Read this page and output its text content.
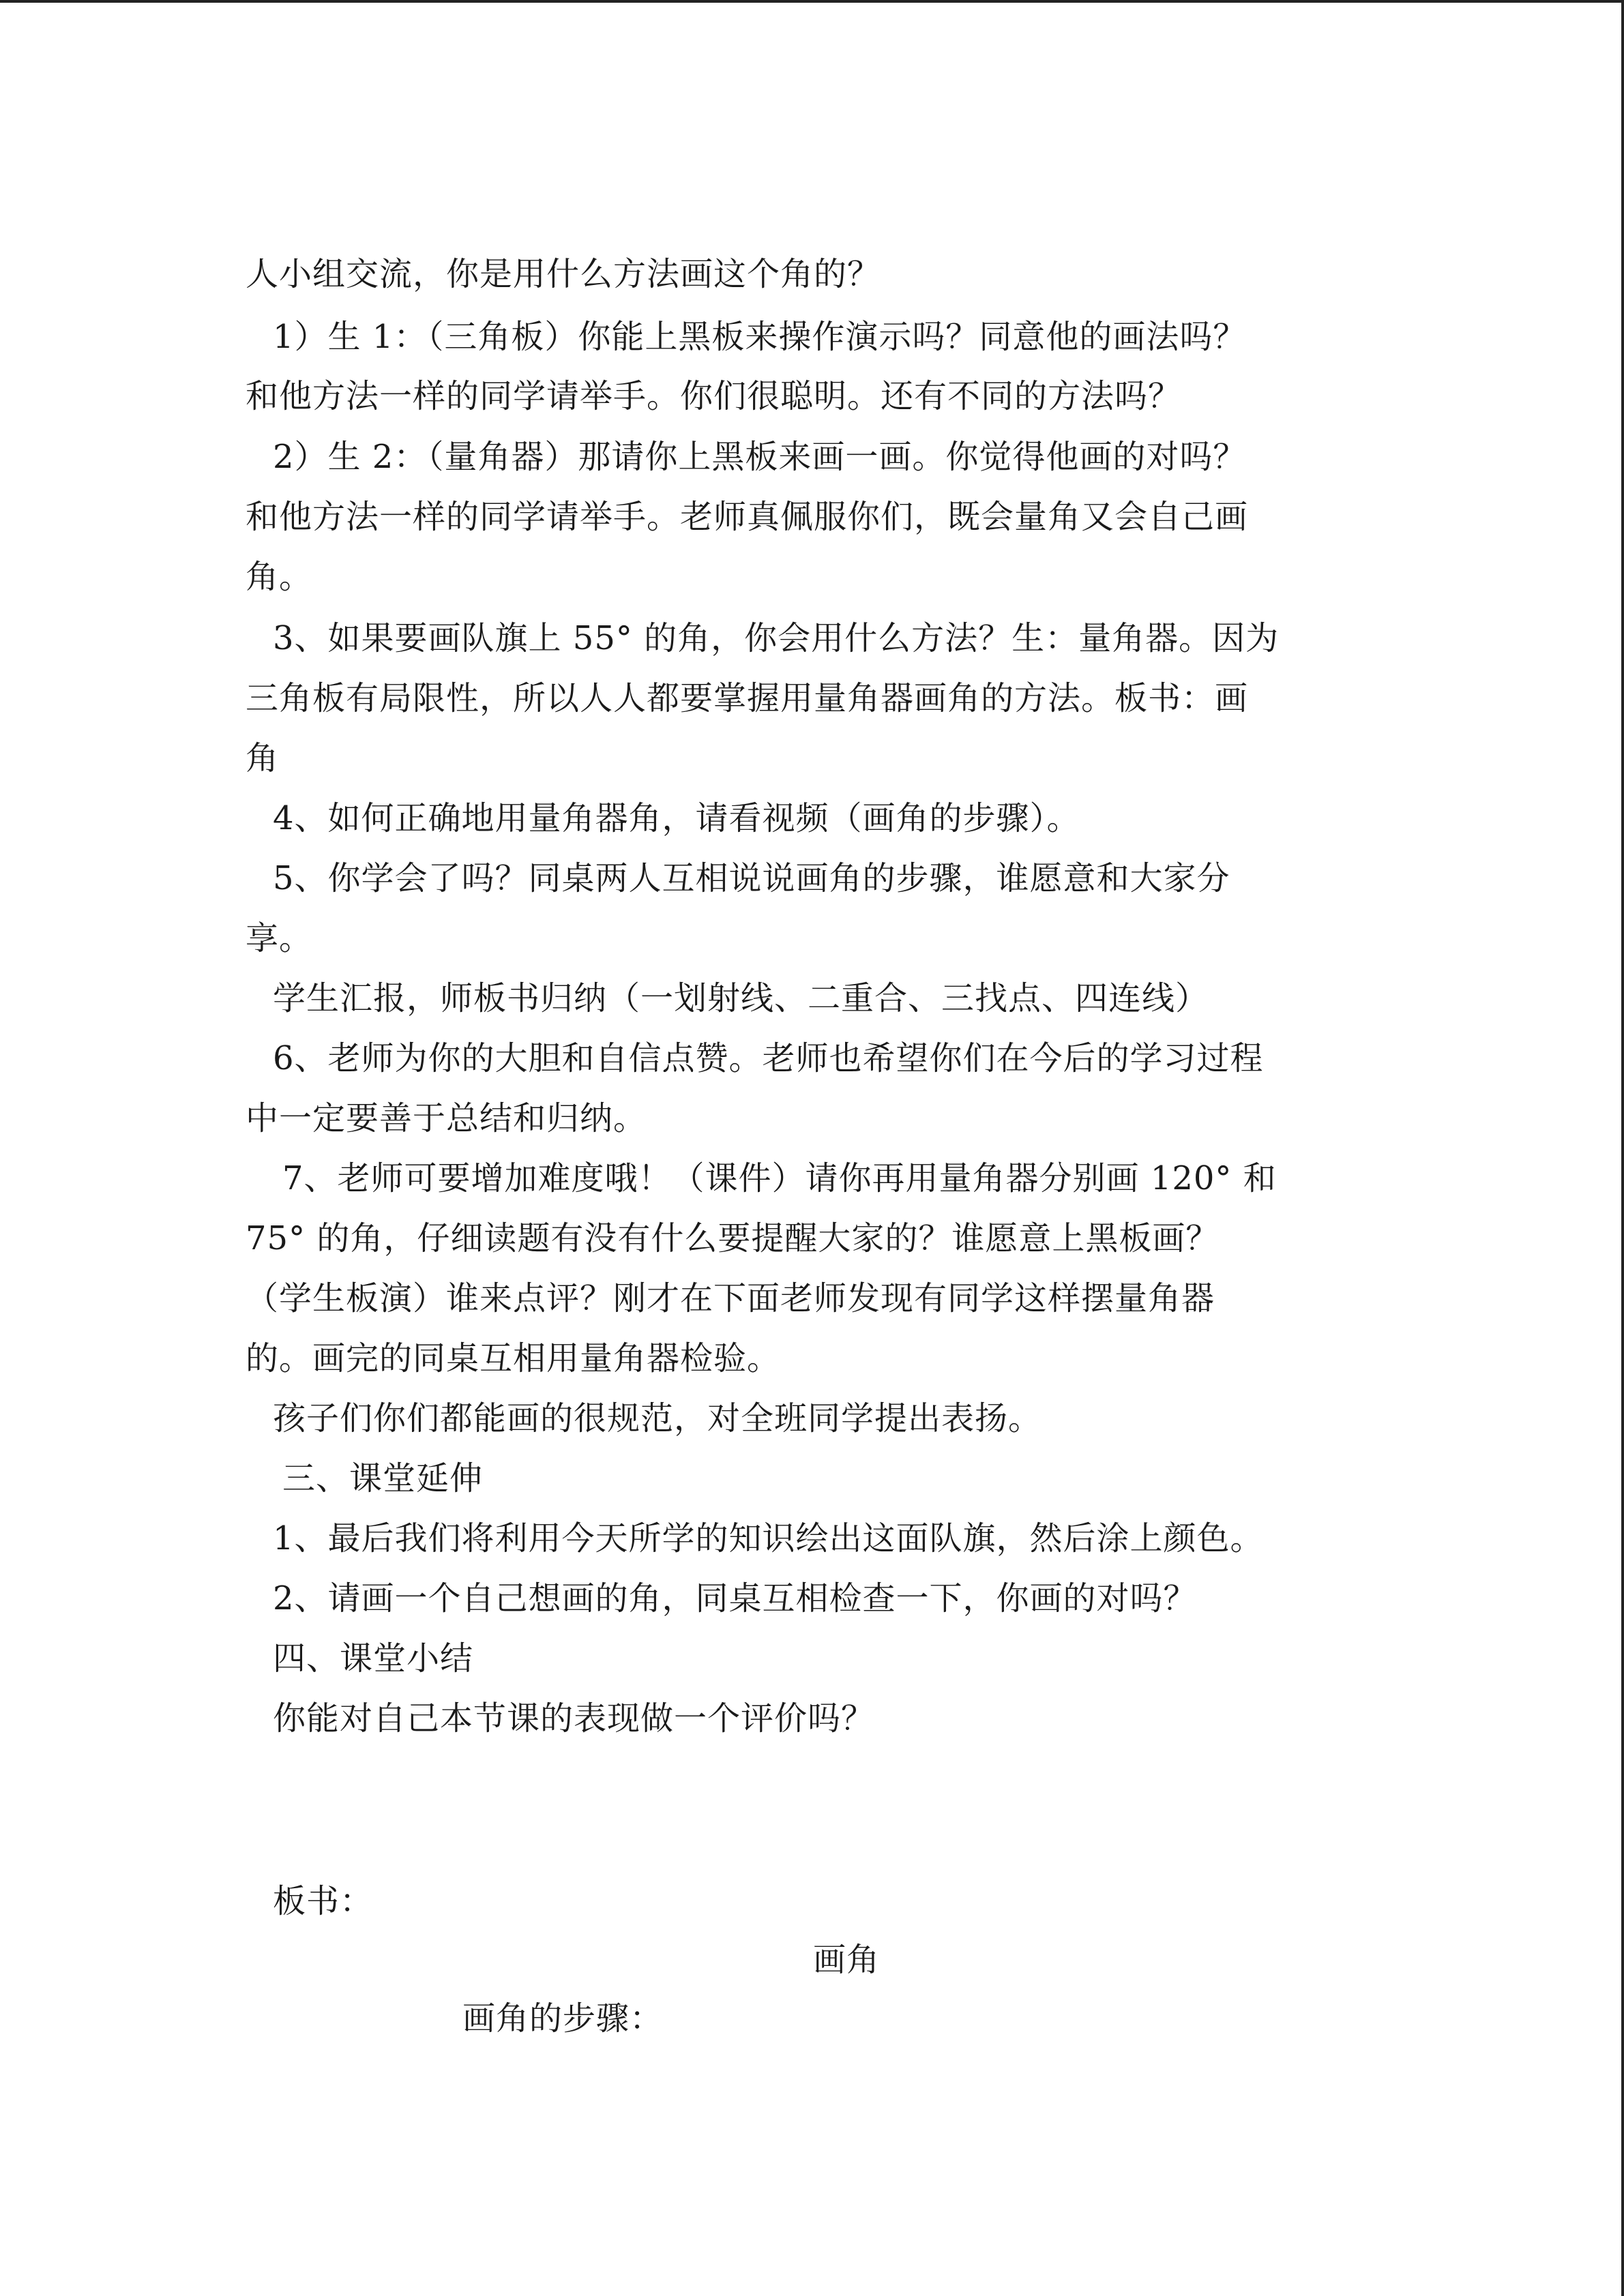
人小组交流，你是用什么方法画这个角的？
1）生 1：（三角板）你能上黑板来操作演示吗？同意他的画法吗？
和他方法一样的同学请举手。你们很聪明。还有不同的方法吗？
2）生 2：（量角器）那请你上黑板来画一画。你觉得他画的对吗？
和他方法一样的同学请举手。老师真佩服你们，既会量角又会自己画
角。
3、如果要画队旗上 55° 的角，你会用什么方法？生：量角器。因为
三角板有局限性，所以人人都要掌握用量角器画角的方法。板书：画
角
4、如何正确地用量角器角，请看视频（画角的步骤）。
5、你学会了吗？同桌两人互相说说画角的步骤，谁愿意和大家分
享。
学生汇报，师板书归纳（一划射线、二重合、三找点、四连线）
6、老师为你的大胆和自信点赞。老师也希望你们在今后的学习过程
中一定要善于总结和归纳。
7、老师可要增加难度哦！（课件）请你再用量角器分别画 120° 和
75° 的角，仔细读题有没有什么要提醒大家的？谁愿意上黑板画？
（学生板演）谁来点评？刚才在下面老师发现有同学这样摆量角器
的。画完的同桌互相用量角器检验。
孩子们你们都能画的很规范，对全班同学提出表扬。
三、课堂延伸
1、最后我们将利用今天所学的知识绘出这面队旗，然后涂上颜色。
2、请画一个自己想画的角，同桌互相检查一下，你画的对吗？
四、课堂小结
你能对自己本节课的表现做一个评价吗？
板书：
画角
画角的步骤：
